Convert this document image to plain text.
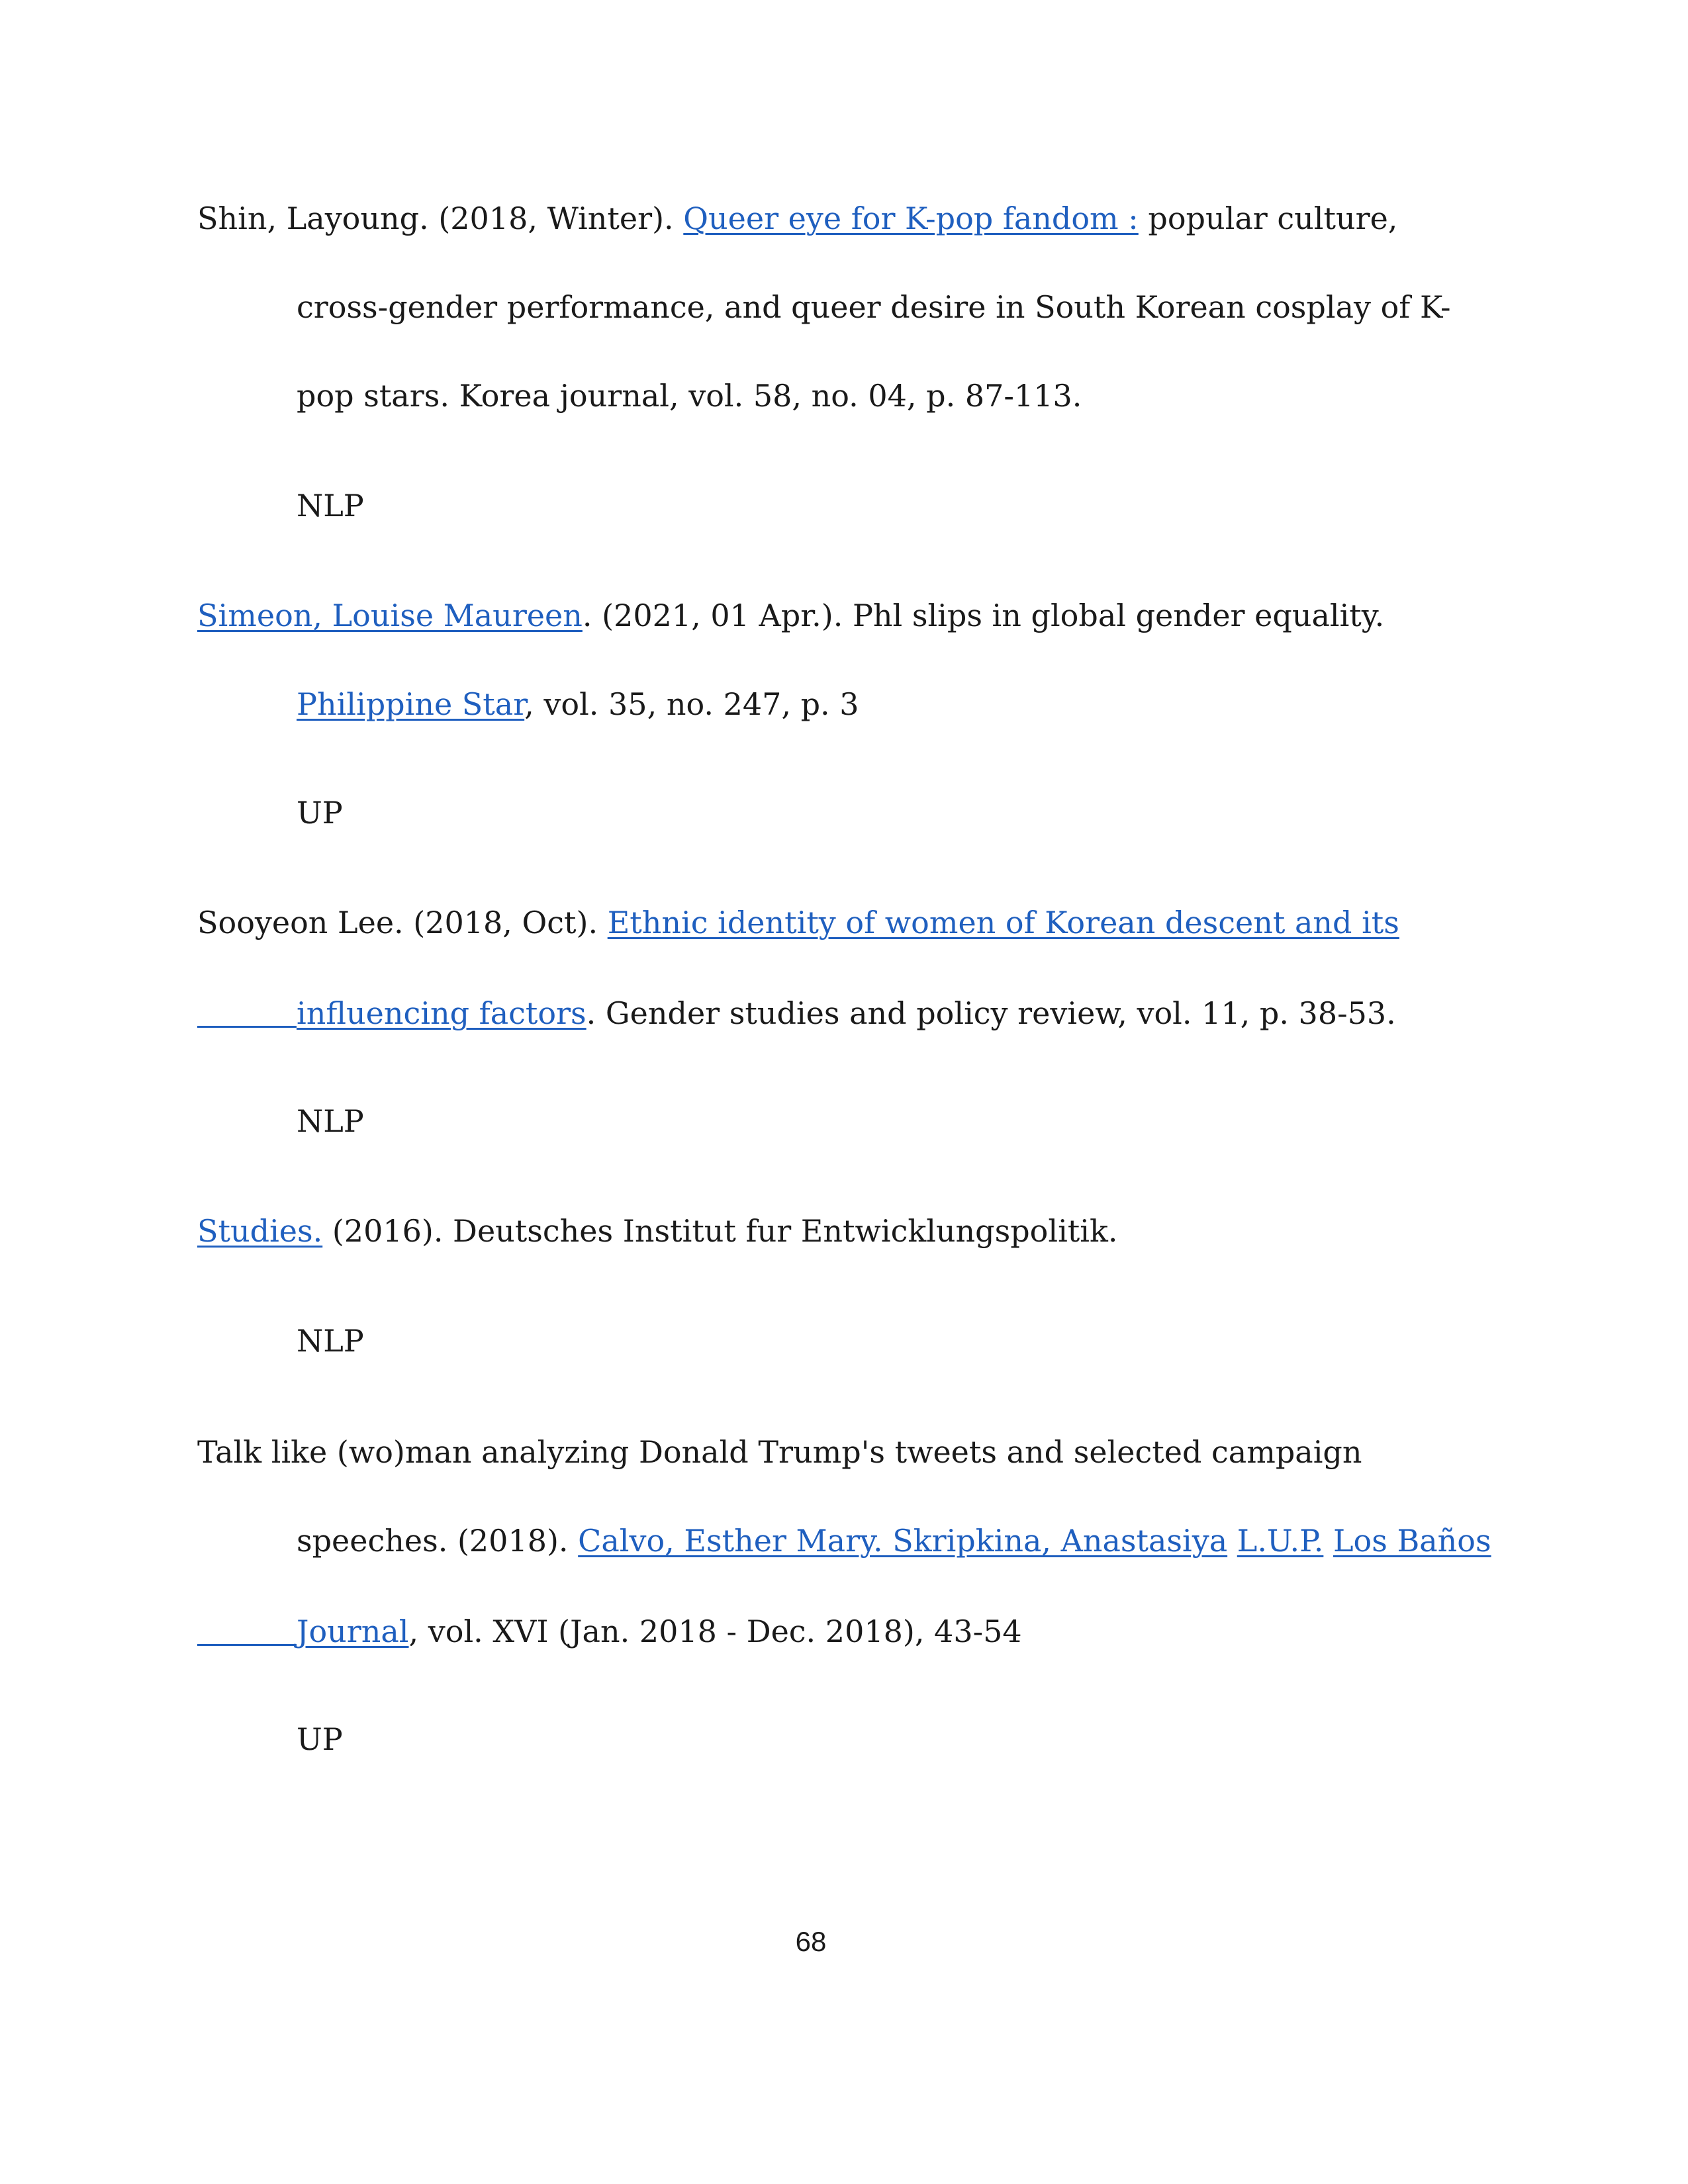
Shin, Layoung. (2018, Winter). Queer eye for K-pop fandom : popular culture,
cross-gender performance, and queer desire in South Korean cosplay of K-
pop stars. Korea journal, vol. 58, no. 04, p. 87-113.
NLP
Simeon, Louise Maureen. (2021, 01 Apr.). Phl slips in global gender equality.
Philippine Star, vol. 35, no. 247, p. 3
UP
Sooyeon Lee. (2018, Oct). Ethnic identity of women of Korean descent and its
influencing factors. Gender studies and policy review, vol. 11, p. 38-53.
NLP
Studies. (2016). Deutsches Institut fur Entwicklungspolitik.
NLP
Talk like (wo)man analyzing Donald Trump's tweets and selected campaign
speeches. (2018). Calvo, Esther Mary. Skripkina, Anastasiya L.U.P. Los Baños
Journal, vol. XVI (Jan. 2018 - Dec. 2018), 43-54
UP
68
